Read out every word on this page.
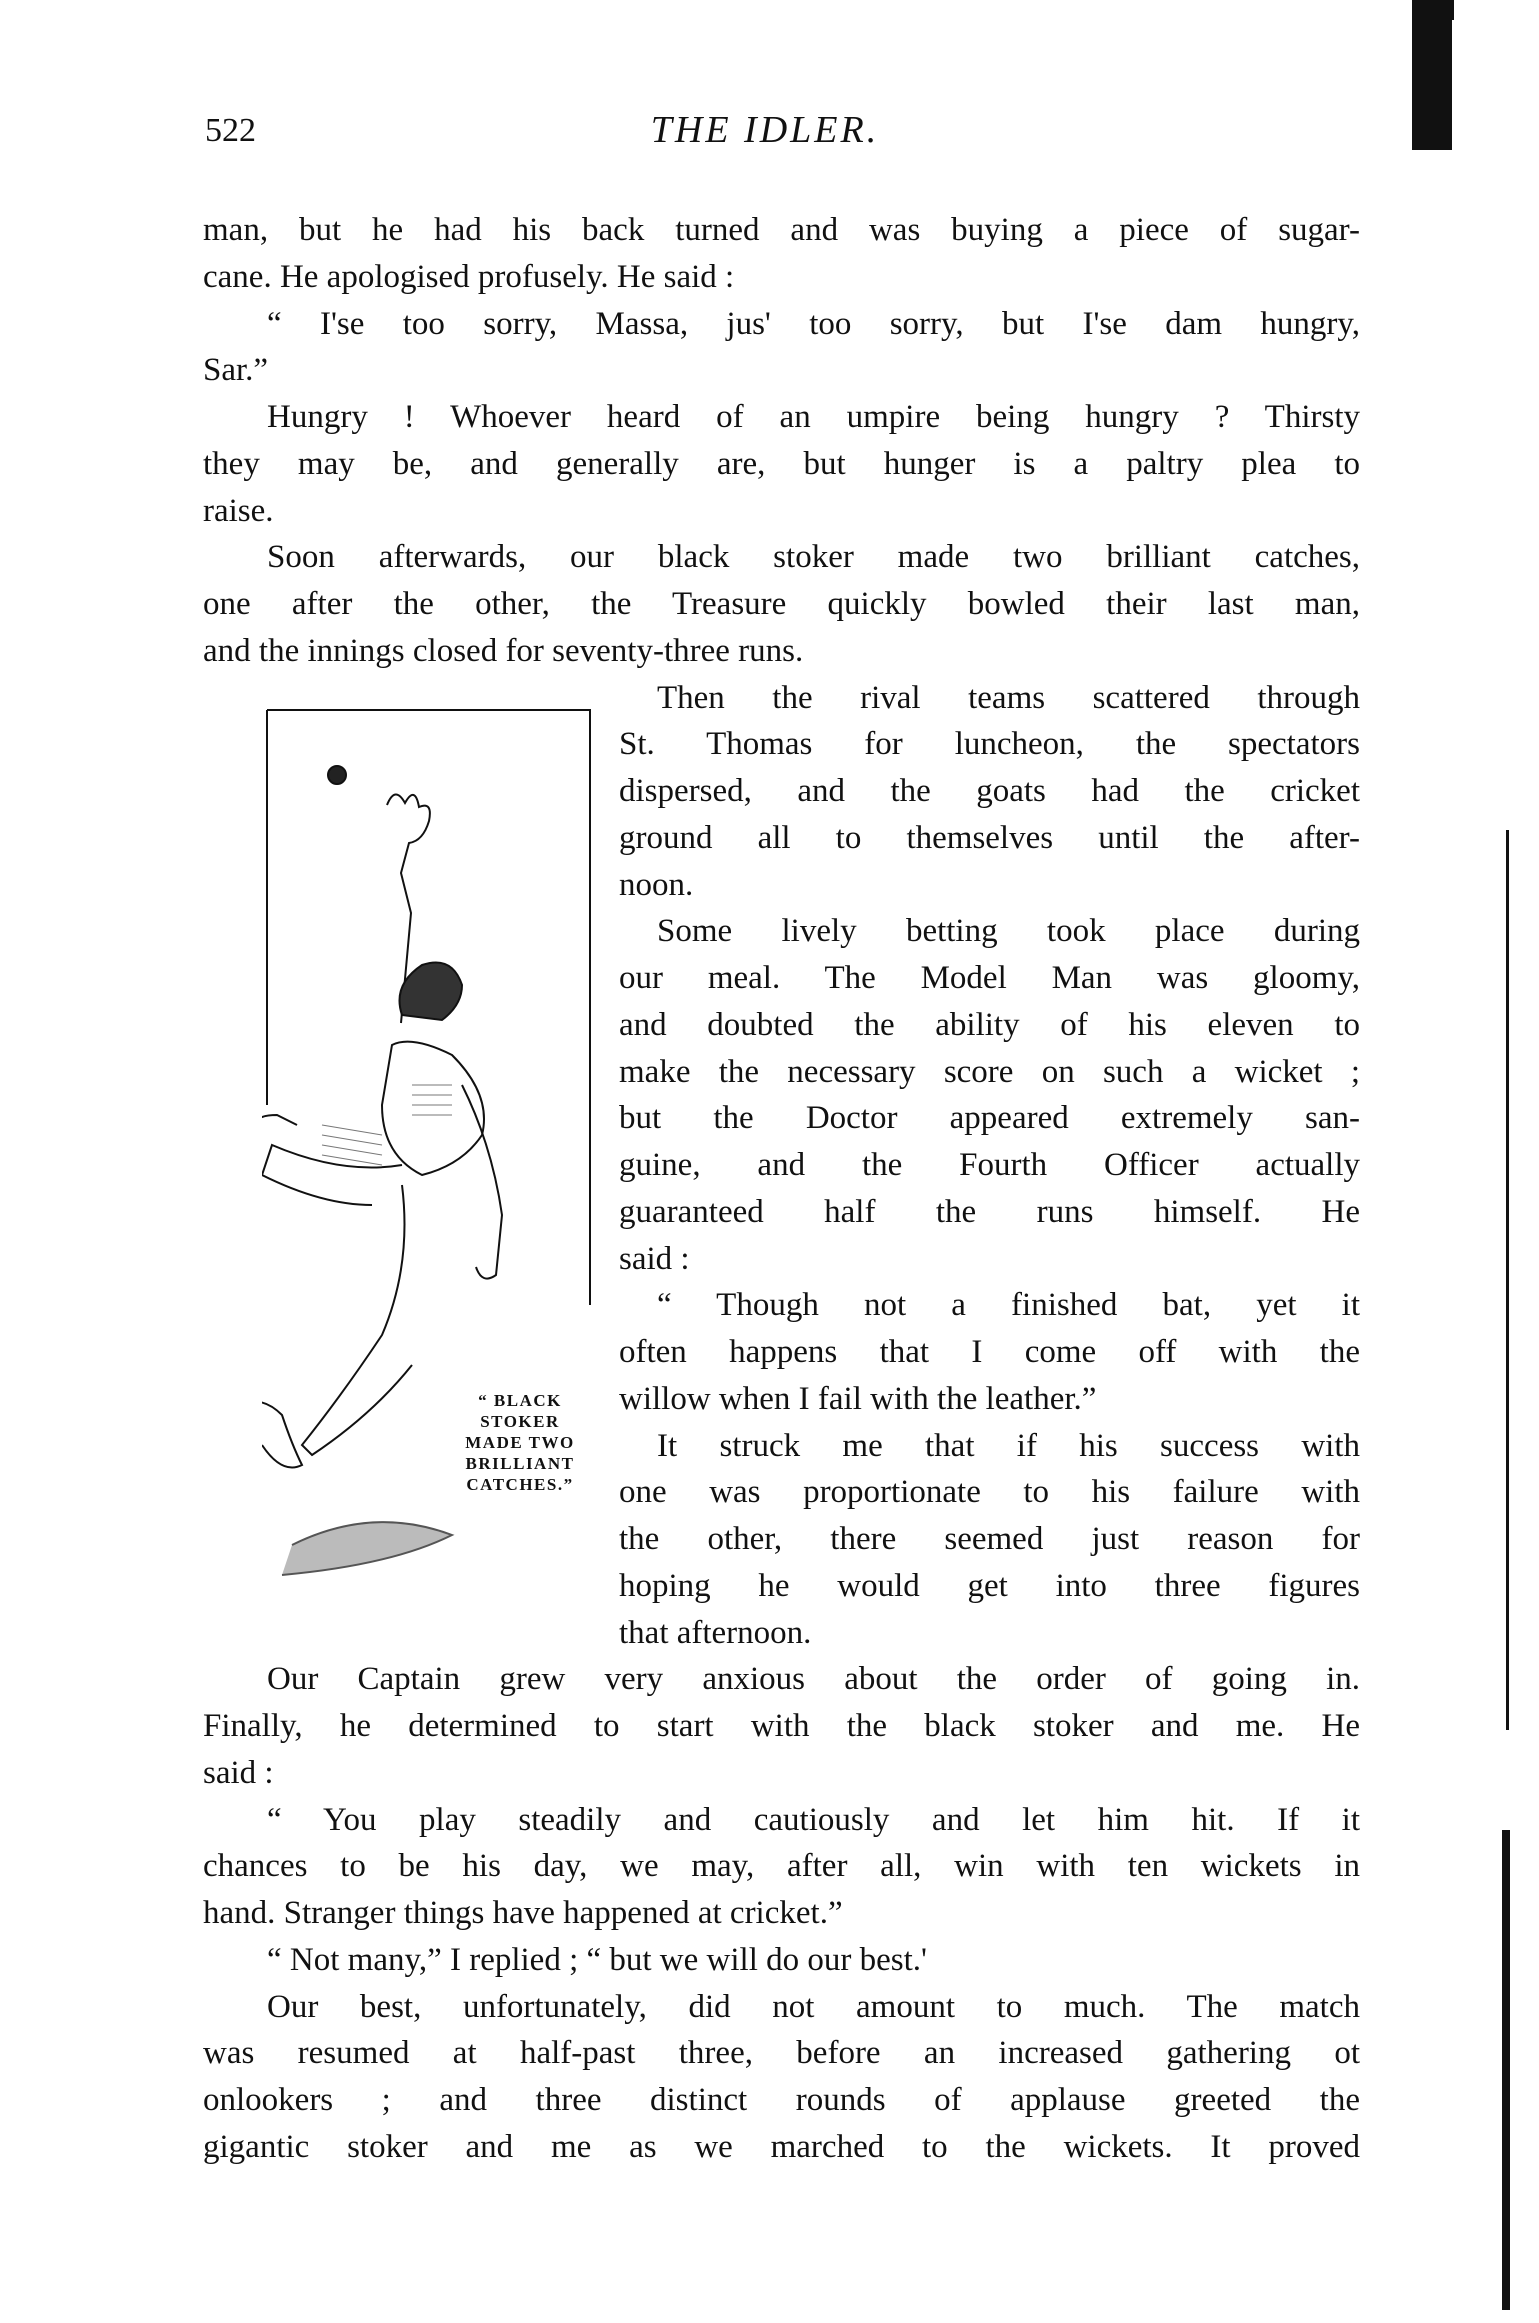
522	THE IDLER.
“ BLACK
STOKER
MADE TWO
BRILLIANT
CATCHES.”
man, but he had his back turned and was buying a piece of sugar-
cane. He apologised profusely. He said :
“ I'se too sorry, Massa, jus' too sorry, but I'se dam hungry,
Sar.”
Hungry ! Whoever heard of an umpire being hungry ? Thirsty
they may be, and generally are, but hunger is a paltry plea to
raise.
Soon afterwards, our black stoker made two brilliant catches,
one after the other, the Treasure quickly bowled their last man,
and the innings closed for seventy-three runs.
Then the rival teams scattered through
St. Thomas for luncheon, the spectators
dispersed, and the goats had the cricket
ground all to themselves until the after-
noon.
Some lively betting took place during
our meal. The Model Man was gloomy,
and doubted the ability of his eleven to
make the necessary score on such a wicket ;
but the Doctor appeared extremely san-
guine, and the Fourth Officer actually
guaranteed half the runs himself. He
said :
“ Though not a finished bat, yet it
often happens that I come off with the
willow when I fail with the leather.”
It struck me that if his success with
one was proportionate to his failure with
the other, there seemed just reason for
hoping he would get into three figures
that afternoon.
Our Captain grew very anxious about the order of going in.
Finally, he determined to start with the black stoker and me. He
said :
“ You play steadily and cautiously and let him hit. If it
chances to be his day, we may, after all, win with ten wickets in
hand. Stranger things have happened at cricket.”
“ Not many,” I replied ; “ but we will do our best.'
Our best, unfortunately, did not amount to much. The match
was resumed at half-past three, before an increased gathering ot
onlookers ; and three distinct rounds of applause greeted the
gigantic stoker and me as we marched to the wickets. It proved
